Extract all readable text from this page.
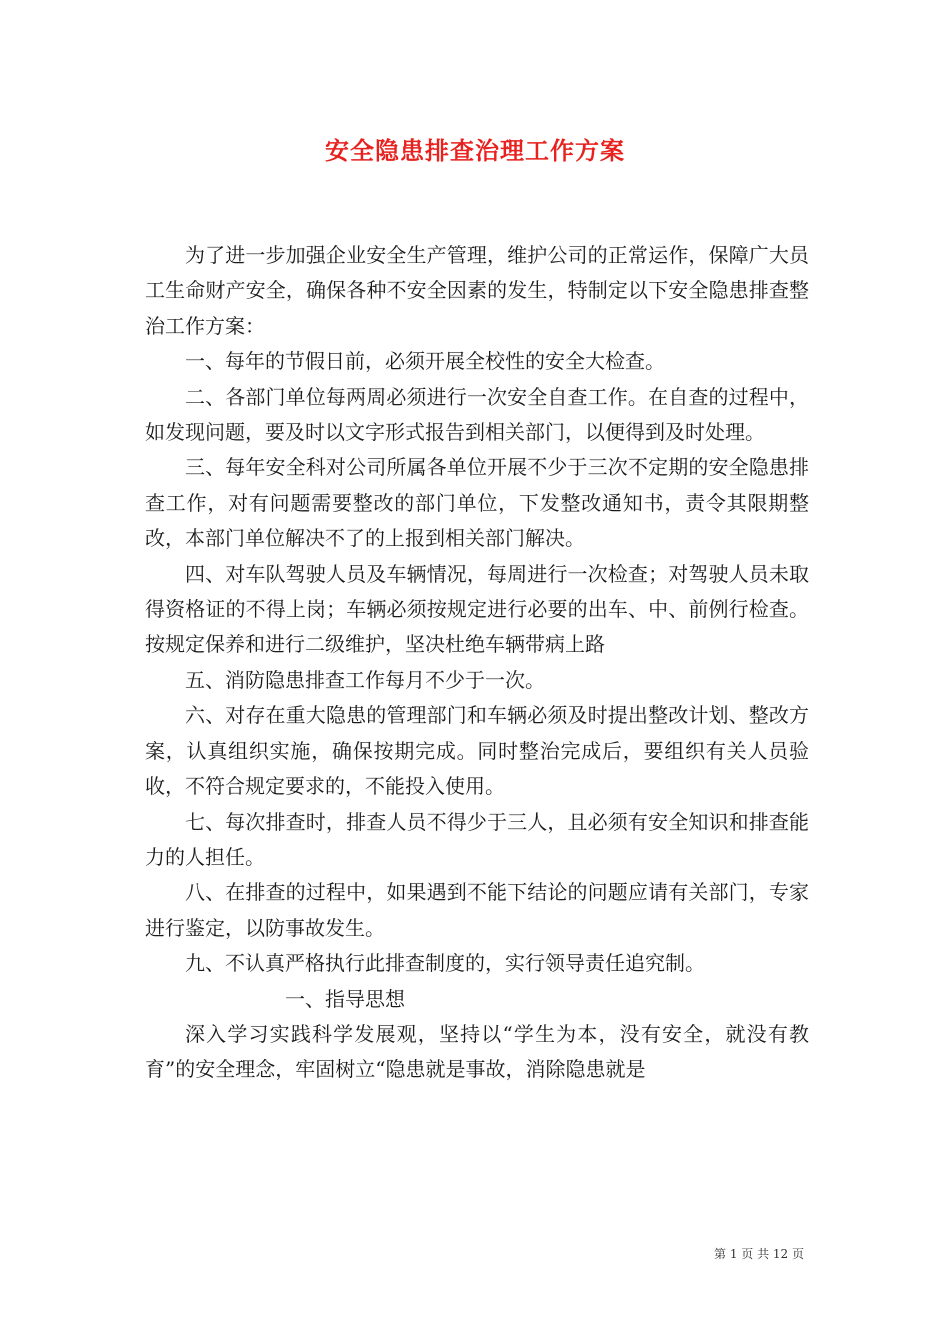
安全隐患排查治理工作方案

为了进一步加强企业安全生产管理，维护公司的正常运作，保障广大员工生命财产安全，确保各种不安全因素的发生，特制定以下安全隐患排查整治工作方案：

一、每年的节假日前，必须开展全校性的安全大检查。

二、各部门单位每两周必须进行一次安全自查工作。在自查的过程中，如发现问题，要及时以文字形式报告到相关部门，以便得到及时处理。

三、每年安全科对公司所属各单位开展不少于三次不定期的安全隐患排查工作，对有问题需要整改的部门单位，下发整改通知书，责令其限期整改，本部门单位解决不了的上报到相关部门解决。

四、对车队驾驶人员及车辆情况，每周进行一次检查；对驾驶人员未取得资格证的不得上岗；车辆必须按规定进行必要的出车、中、前例行检查。按规定保养和进行二级维护，坚决杜绝车辆带病上路

五、消防隐患排查工作每月不少于一次。

六、对存在重大隐患的管理部门和车辆必须及时提出整改计划、整改方案，认真组织实施，确保按期完成。同时整治完成后，要组织有关人员验收，不符合规定要求的，不能投入使用。

七、每次排查时，排查人员不得少于三人，且必须有安全知识和排查能力的人担任。

八、在排查的过程中，如果遇到不能下结论的问题应请有关部门，专家进行鉴定，以防事故发生。

九、不认真严格执行此排查制度的，实行领导责任追究制。

一、指导思想

深入学习实践科学发展观，坚持以“学生为本，没有安全，就没有教育”的安全理念，牢固树立“隐患就是事故，消除隐患就是

第 1 页 共 12 页
